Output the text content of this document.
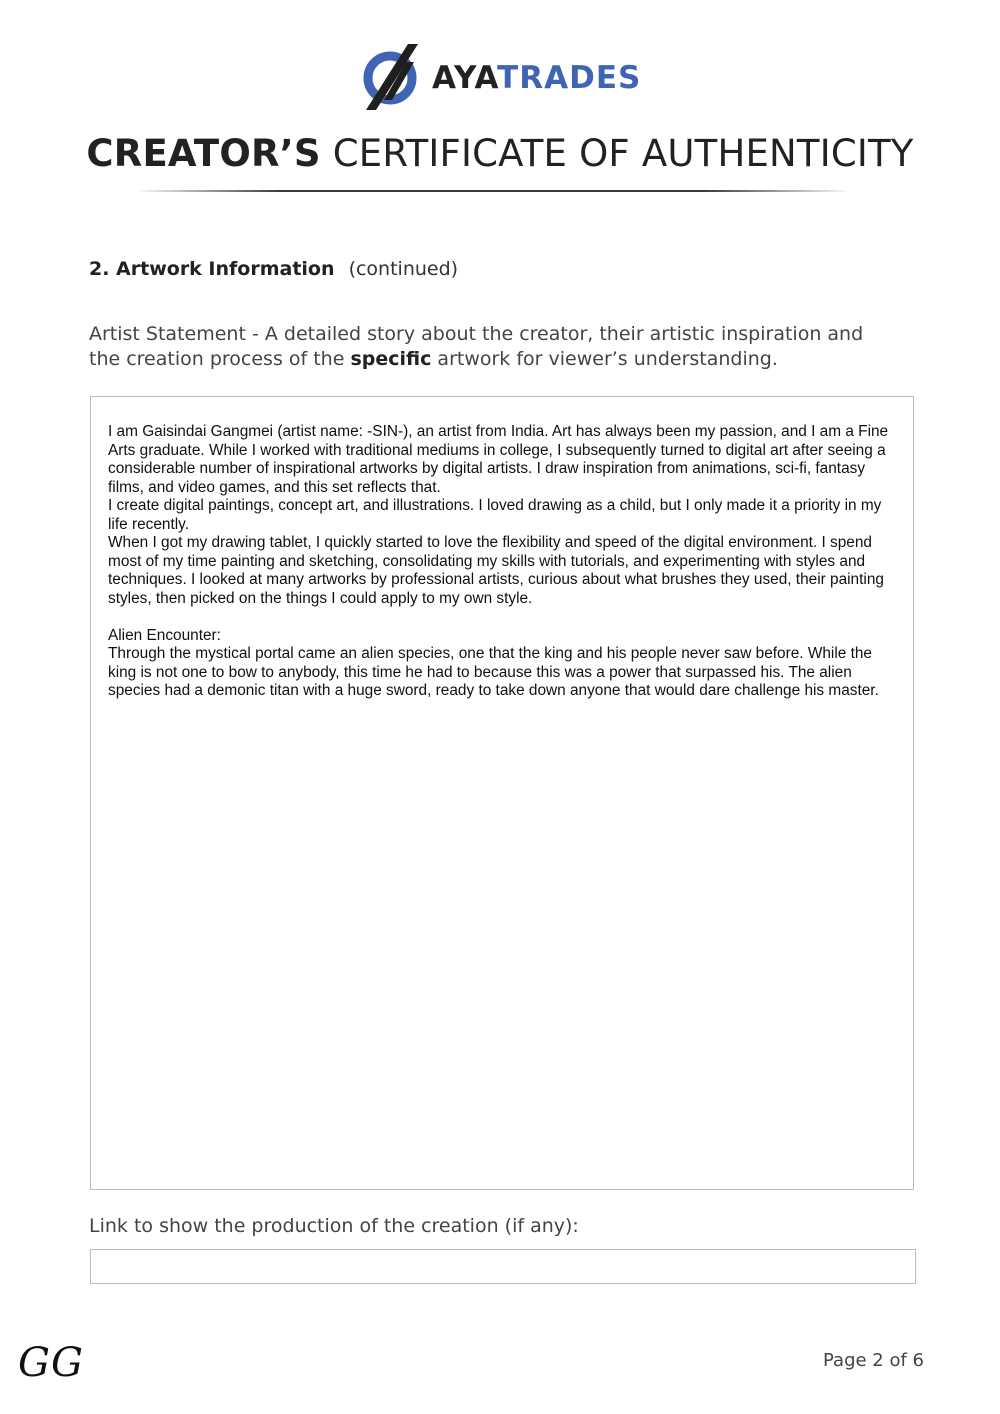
AYATRADES
CREATOR’S CERTIFICATE OF AUTHENTICITY
2. Artwork Information (continued)
Artist Statement - A detailed story about the creator, their artistic inspiration and the creation process of the specific artwork for viewer’s understanding.

I am Gaisindai Gangmei (artist name: -SIN-), an artist from India. Art has always been my passion, and I am a Fine Arts graduate. While I worked with traditional mediums in college, I subsequently turned to digital art after seeing a considerable number of inspirational artworks by digital artists. I draw inspiration from animations, sci-fi, fantasy films, and video games, and this set reflects that.

I create digital paintings, concept art, and illustrations. I loved drawing as a child, but I only made it a priority in my life recently.

When I got my drawing tablet, I quickly started to love the flexibility and speed of the digital environment. I spend most of my time painting and sketching, consolidating my skills with tutorials, and experimenting with styles and techniques. I looked at many artworks by professional artists, curious about what brushes they used, their painting styles, then picked on the things I could apply to my own style.

Alien Encounter:

Through the mystical portal came an alien species, one that the king and his people never saw before. While the king is not one to bow to anybody, this time he had to because this was a power that surpassed his. The alien species had a demonic titan with a huge sword, ready to take down anyone that would dare challenge his master.

Link to show the production of the creation (if any):
GG	Page 2 of 6
